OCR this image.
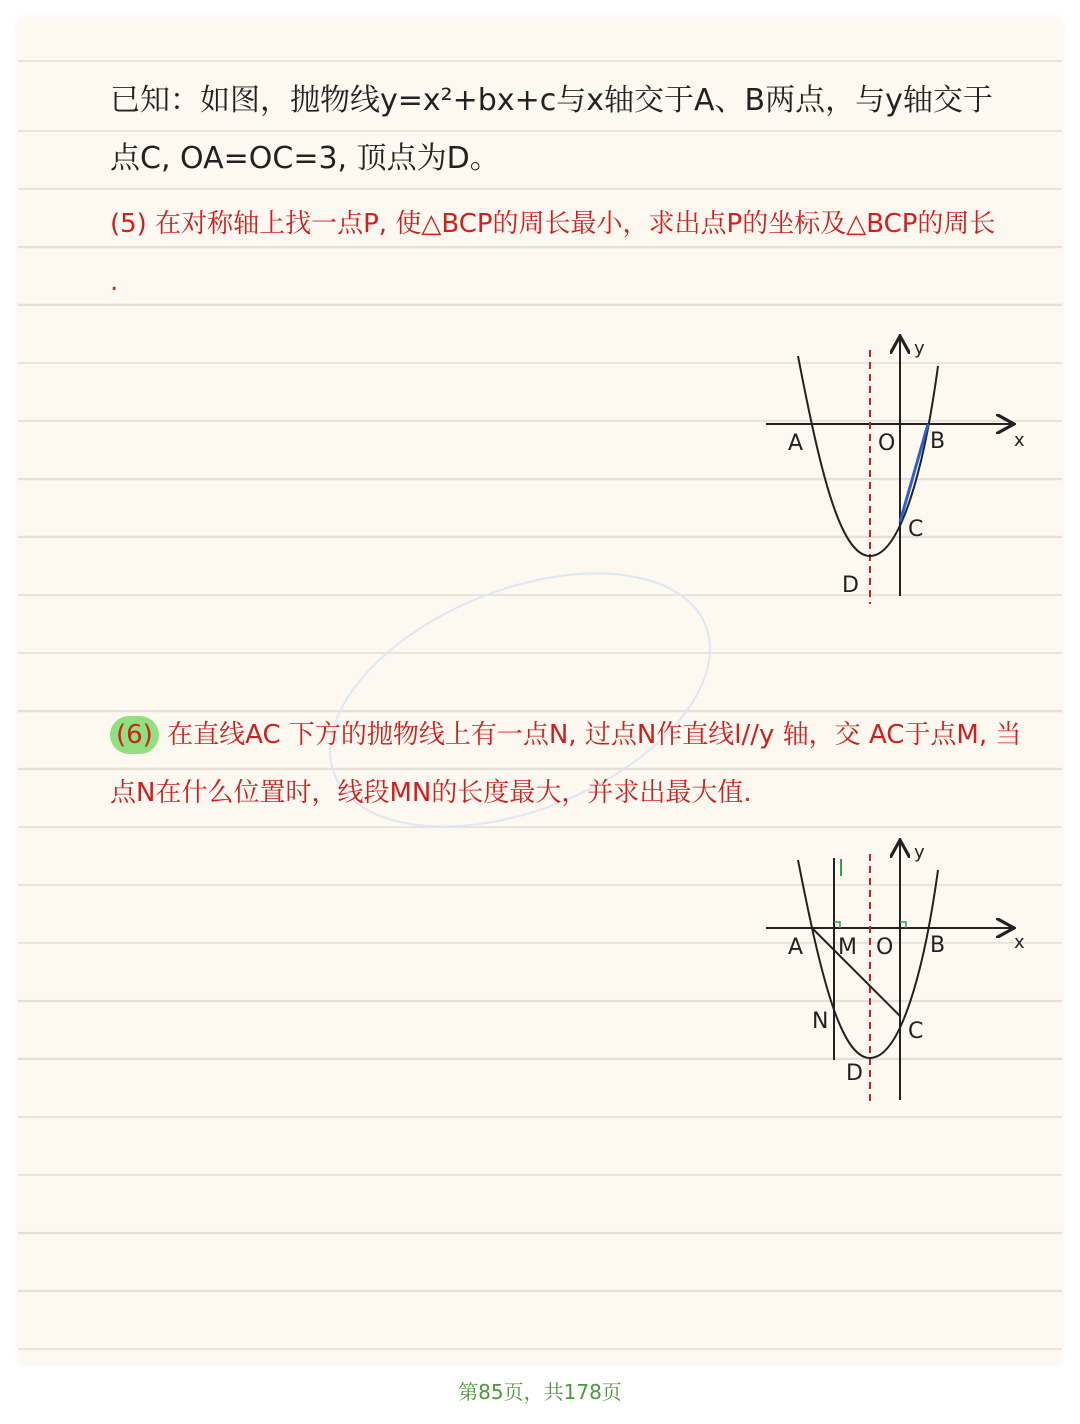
已知：如图，抛物线y=x²+bx+c与x轴交于A、B两点，与y轴交于点C, OA=OC=3, 顶点为D。

(5) 在对称轴上找一点P, 使△BCP的周长最小，求出点P的坐标及△BCP的周长 .

A	O B
C
D
x
y

(6) 在直线AC 下方的抛物线上有一点N, 过点N作直线l//y 轴，交 AC于点M, 当点N在什么位置时，线段MN的长度最大，并求出最大值.

l
A M O B
C
N
D
x
y
第85页，共178页
